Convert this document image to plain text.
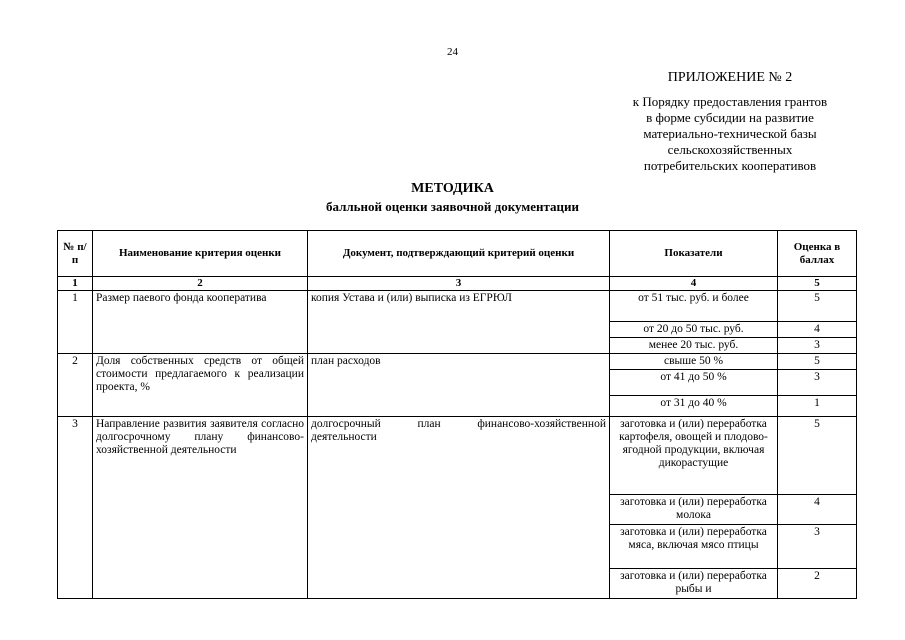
24
ПРИЛОЖЕНИЕ № 2
к Порядку предоставления грантов
в форме субсидии на развитие
материально-технической базы
сельскохозяйственных
потребительских кооперативов
МЕТОДИКА
балльной оценки заявочной документации
№ п/п	Наименование критерия оценки	Документ, подтверждающий критерий оценки	Показатели	Оценка в баллах
1	2	3	4	5
1	Размер паевого фонда кооператива	копия Устава и (или) выписка из ЕГРЮЛ	от 51 тыс. руб. и более	5
			от 20 до 50 тыс. руб.	4
			менее 20 тыс. руб.	3
2	Доля собственных средств от общей стоимости предлагаемого к реализации проекта, %	план расходов	свыше 50 %	5
			от 41 до 50 %	3
			от 31 до 40 %	1
3	Направление развития заявителя согласно долгосрочному плану финансово-хозяйственной деятельности	долгосрочный план финансово-хозяйственной деятельности	заготовка и (или) переработка картофеля, овощей и плодово-ягодной продукции, включая дикорастущие	5
			заготовка и (или) переработка молока	4
			заготовка и (или) переработка мяса, включая мясо птицы	3
			заготовка и (или) переработка рыбы и	2
